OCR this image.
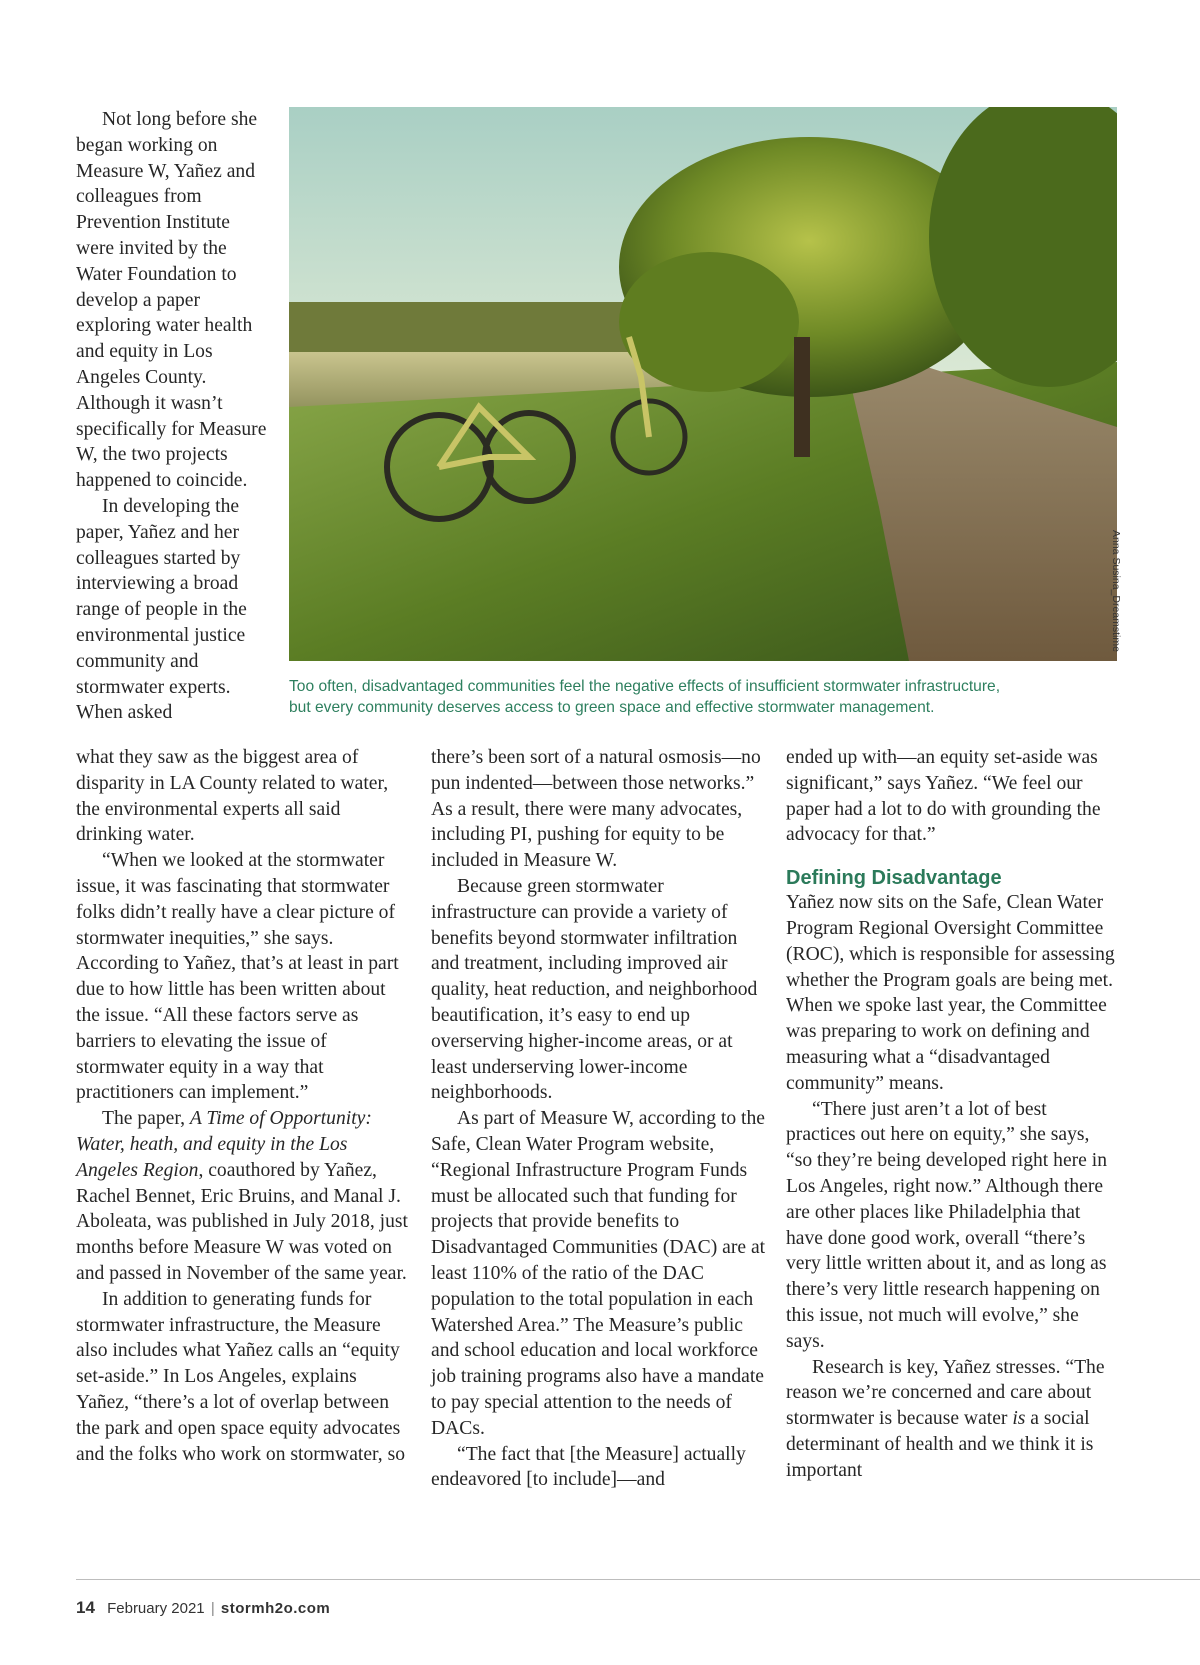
Not long before she began working on Measure W, Yañez and colleagues from Prevention Institute were invited by the Water Foundation to develop a paper exploring water health and equity in Los Angeles County. Although it wasn’t specifically for Measure W, the two projects happened to coincide.

In developing the paper, Yañez and her colleagues started by interviewing a broad range of people in the environmental justice community and stormwater experts. When asked

Anna Susina_Dreamstime

Too often, disadvantaged communities feel the negative effects of insufficient stormwater infrastructure,
but every community deserves access to green space and effective stormwater management.

what they saw as the biggest area of disparity in LA County related to water, the environmental experts all said drinking water.

“When we looked at the stormwater issue, it was fascinating that stormwater folks didn’t really have a clear picture of stormwater inequities,” she says. According to Yañez, that’s at least in part due to how little has been written about the issue. “All these factors serve as barriers to elevating the issue of stormwater equity in a way that practitioners can implement.”

The paper, A Time of Opportunity: Water, heath, and equity in the Los Angeles Region, coauthored by Yañez, Rachel Bennet, Eric Bruins, and Manal J. Aboleata, was published in July 2018, just months before Measure W was voted on and passed in November of the same year.

In addition to generating funds for stormwater infrastructure, the Measure also includes what Yañez calls an “equity set-aside.” In Los Angeles, explains Yañez, “there’s a lot of overlap between the park and open space equity advocates and the folks who work on stormwater, so

there’s been sort of a natural osmosis—no pun indented—between those networks.” As a result, there were many advocates, including PI, pushing for equity to be included in Measure W.

Because green stormwater infrastructure can provide a variety of benefits beyond stormwater infiltration and treatment, including improved air quality, heat reduction, and neighborhood beautification, it’s easy to end up overserving higher-income areas, or at least underserving lower-income neighborhoods.

As part of Measure W, according to the Safe, Clean Water Program website, “Regional Infrastructure Program Funds must be allocated such that funding for projects that provide benefits to Disadvantaged Communities (DAC) are at least 110% of the ratio of the DAC population to the total population in each Watershed Area.” The Measure’s public and school education and local workforce job training programs also have a mandate to pay special attention to the needs of DACs.

“The fact that [the Measure] actually endeavored [to include]—and

ended up with—an equity set-aside was significant,” says Yañez. “We feel our paper had a lot to do with grounding the advocacy for that.”

Defining Disadvantage

Yañez now sits on the Safe, Clean Water Program Regional Oversight Committee (ROC), which is responsible for assessing whether the Program goals are being met. When we spoke last year, the Committee was preparing to work on defining and measuring what a “disadvantaged community” means.

“There just aren’t a lot of best practices out here on equity,” she says, “so they’re being developed right here in Los Angeles, right now.” Although there are other places like Philadelphia that have done good work, overall “there’s very little written about it, and as long as there’s very little research happening on this issue, not much will evolve,” she says.

Research is key, Yañez stresses. “The reason we’re concerned and care about stormwater is because water is a social determinant of health and we think it is important

14 February 2021 | stormh2o.com
